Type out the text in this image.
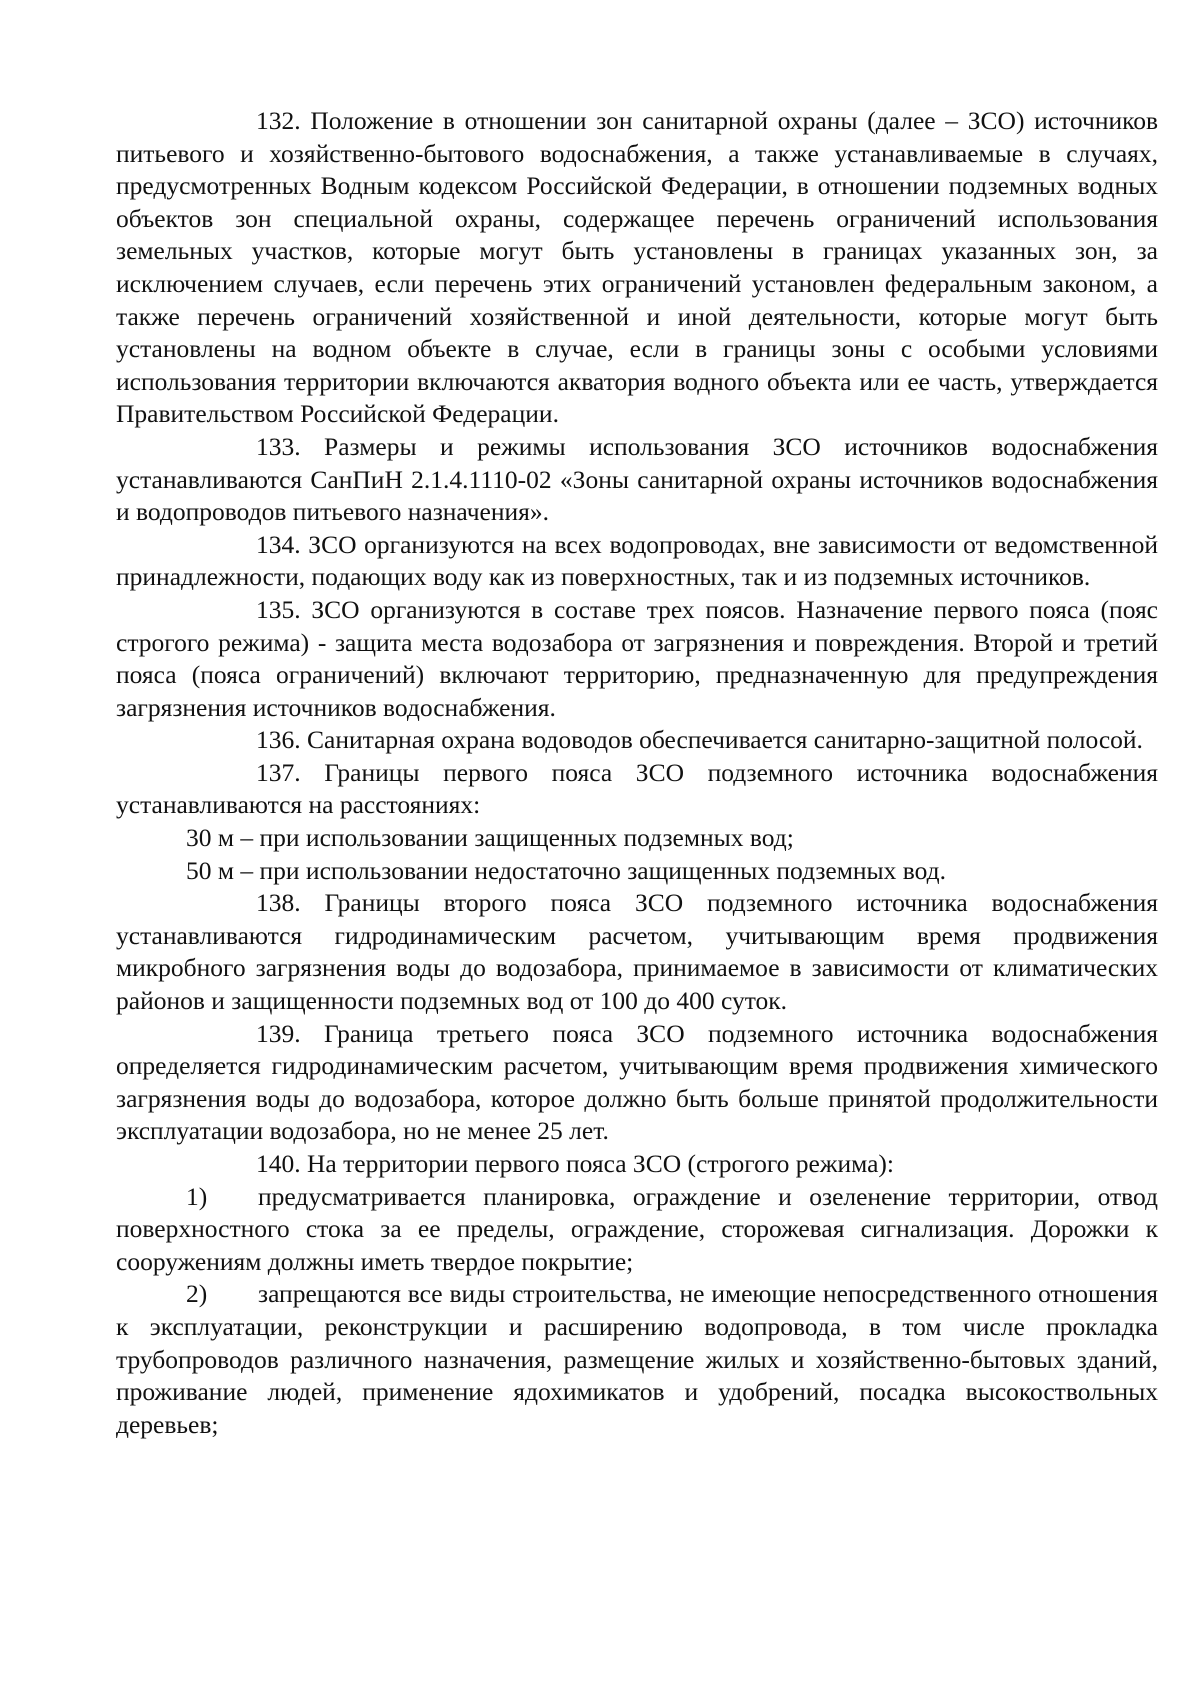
132. Положение в отношении зон санитарной охраны (далее – ЗСО) источников питьевого и хозяйственно-бытового водоснабжения, а также устанавливаемые в случаях, предусмотренных Водным кодексом Российской Федерации, в отношении подземных водных объектов зон специальной охраны, содержащее перечень ограничений использования земельных участков, которые могут быть установлены в границах указанных зон, за исключением случаев, если перечень этих ограничений установлен федеральным законом, а также перечень ограничений хозяйственной и иной деятельности, которые могут быть установлены на водном объекте в случае, если в границы зоны с особыми условиями использования территории включаются акватория водного объекта или ее часть, утверждается Правительством Российской Федерации.

133. Размеры и режимы использования ЗСО источников водоснабжения устанавливаются СанПиН 2.1.4.1110-02 «Зоны санитарной охраны источников водоснабжения и водопроводов питьевого назначения».

134. ЗСО организуются на всех водопроводах, вне зависимости от ведомственной принадлежности, подающих воду как из поверхностных, так и из подземных источников.

135. ЗСО организуются в составе трех поясов. Назначение первого пояса (пояс строгого режима) - защита места водозабора от загрязнения и повреждения. Второй и третий пояса (пояса ограничений) включают территорию, предназначенную для предупреждения загрязнения источников водоснабжения.

136. Санитарная охрана водоводов обеспечивается санитарно-защитной полосой.

137. Границы первого пояса ЗСО подземного источника водоснабжения устанавливаются на расстояниях:

30 м – при использовании защищенных подземных вод;

50 м – при использовании недостаточно защищенных подземных вод.

138. Границы второго пояса ЗСО подземного источника водоснабжения устанавливаются гидродинамическим расчетом, учитывающим время продвижения микробного загрязнения воды до водозабора, принимаемое в зависимости от климатических районов и защищенности подземных вод от 100 до 400 суток.

139. Граница третьего пояса ЗСО подземного источника водоснабжения определяется гидродинамическим расчетом, учитывающим время продвижения химического загрязнения воды до водозабора, которое должно быть больше принятой продолжительности эксплуатации водозабора, но не менее 25 лет.

140. На территории первого пояса ЗСО (строгого режима):

1) предусматривается планировка, ограждение и озеленение территории, отвод поверхностного стока за ее пределы, ограждение, сторожевая сигнализация. Дорожки к сооружениям должны иметь твердое покрытие;

2) запрещаются все виды строительства, не имеющие непосредственного отношения к эксплуатации, реконструкции и расширению водопровода, в том числе прокладка трубопроводов различного назначения, размещение жилых и хозяйственно-бытовых зданий, проживание людей, применение ядохимикатов и удобрений, посадка высокоствольных деревьев;
